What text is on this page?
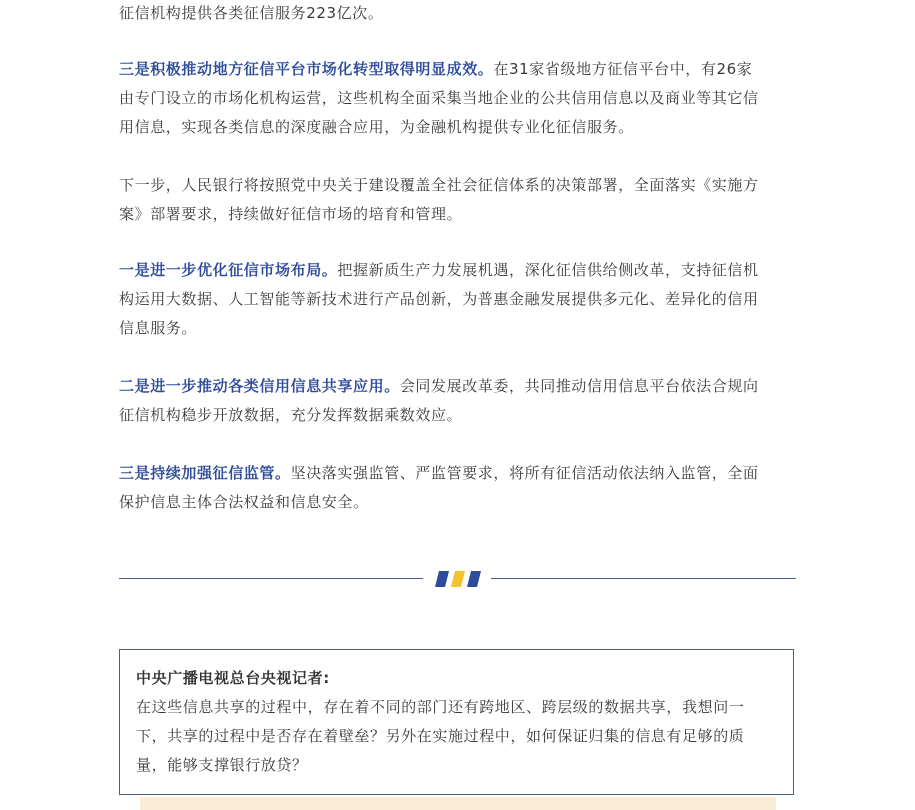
征信机构提供各类征信服务223亿次。

三是积极推动地方征信平台市场化转型取得明显成效。在31家省级地方征信平台中，有26家
由专门设立的市场化机构运营，这些机构全面采集当地企业的公共信用信息以及商业等其它信
用信息，实现各类信息的深度融合应用，为金融机构提供专业化征信服务。

下一步，人民银行将按照党中央关于建设覆盖全社会征信体系的决策部署，全面落实《实施方
案》部署要求，持续做好征信市场的培育和管理。

一是进一步优化征信市场布局。把握新质生产力发展机遇，深化征信供给侧改革，支持征信机
构运用大数据、人工智能等新技术进行产品创新，为普惠金融发展提供多元化、差异化的信用
信息服务。

二是进一步推动各类信用信息共享应用。会同发展改革委，共同推动信用信息平台依法合规向
征信机构稳步开放数据，充分发挥数据乘数效应。

三是持续加强征信监管。坚决落实强监管、严监管要求，将所有征信活动依法纳入监管，全面
保护信息主体合法权益和信息安全。

中央广播电视总台央视记者:

在这些信息共享的过程中，存在着不同的部门还有跨地区、跨层级的数据共享，我想问一
下，共享的过程中是否存在着壁垒？另外在实施过程中，如何保证归集的信息有足够的质
量，能够支撑银行放贷？
